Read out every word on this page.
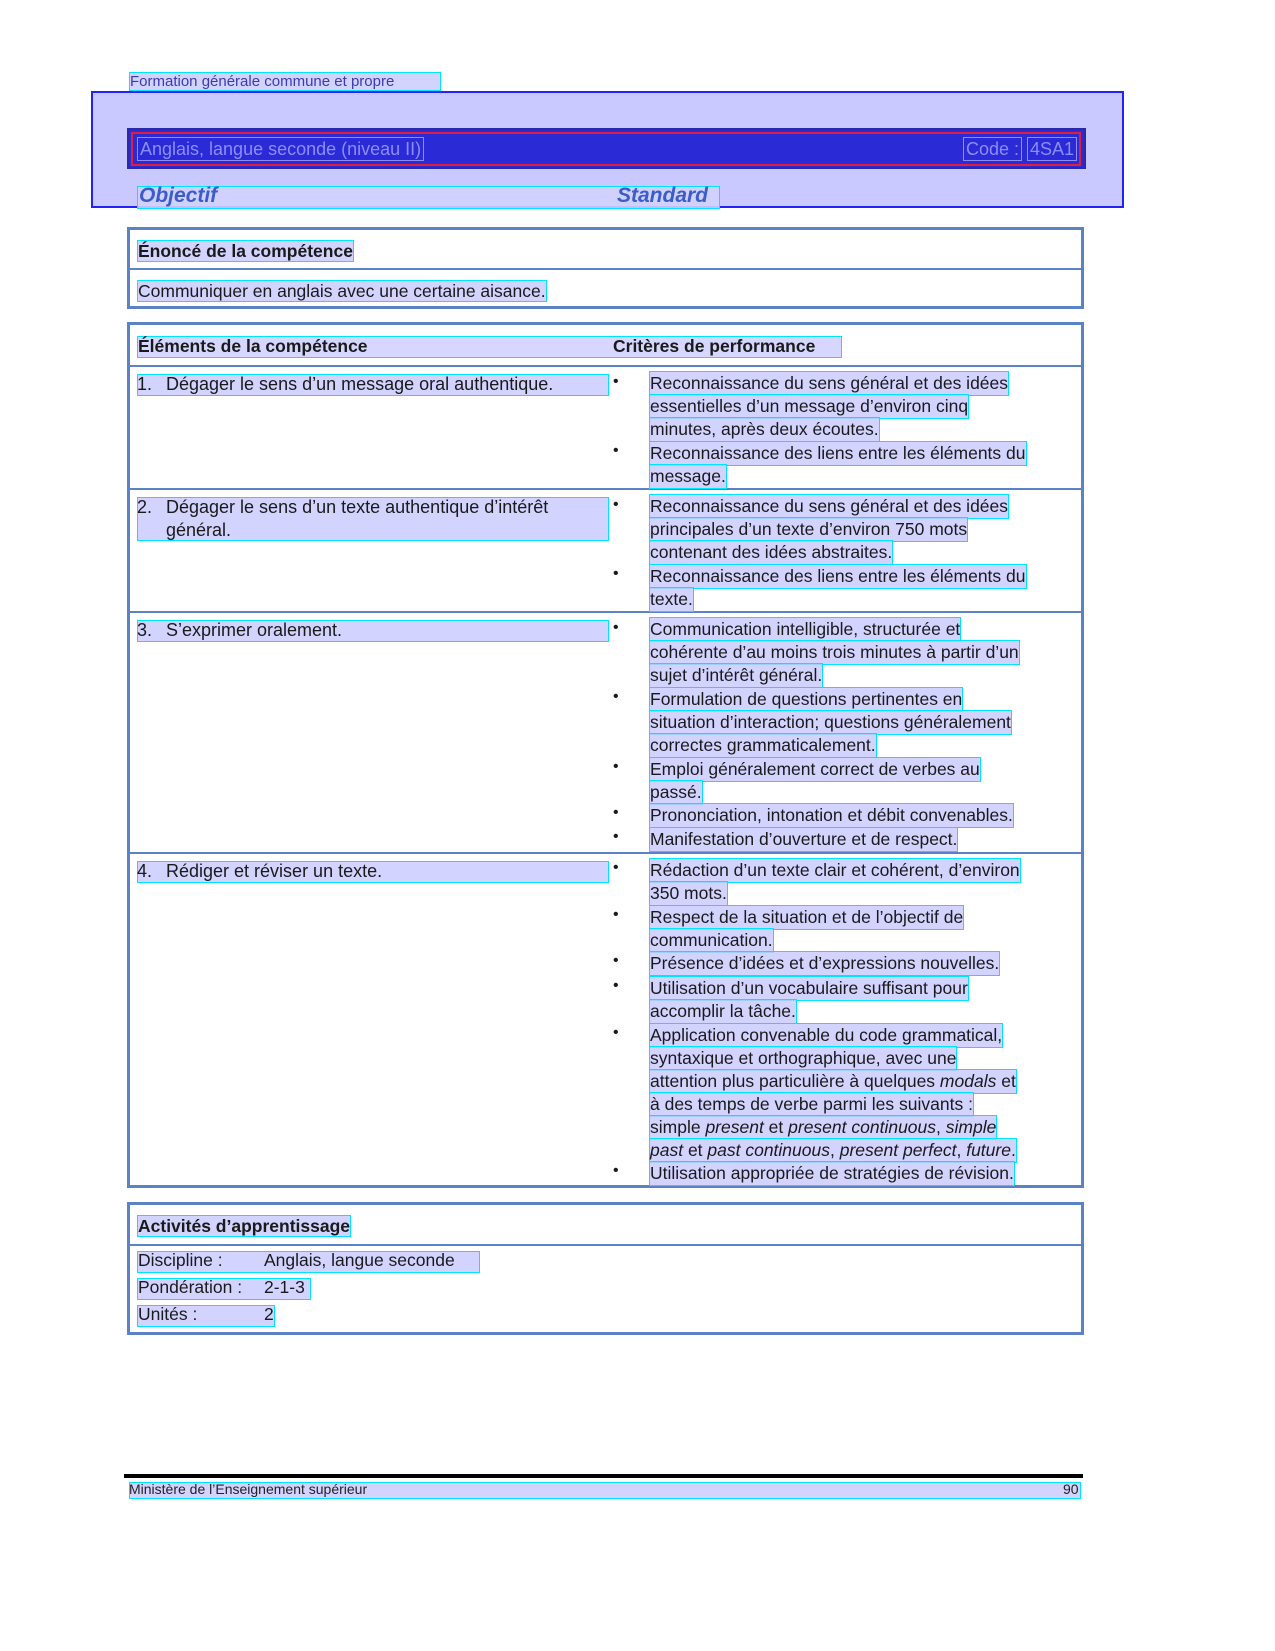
Formation générale commune et propre
Anglais, langue seconde (niveau II)	Code : 4SA1
Objectif	Standard
Énoncé de la compétence
Communiquer en anglais avec une certaine aisance.
Éléments de la compétence	Critères de performance
1. Dégager le sens d’un message oral authentique.	• Reconnaissance du sens général et des idées
essentielles d’un message d’environ cinq
minutes, après deux écoutes.
• Reconnaissance des liens entre les éléments du
message.
2. Dégager le sens d’un texte authentique d’intérêt
général.
• Reconnaissance du sens général et des idées
principales d’un texte d’environ 750 mots
contenant des idées abstraites.
• Reconnaissance des liens entre les éléments du
texte.
3. S’exprimer oralement.	• Communication intelligible, structurée et
cohérente d’au moins trois minutes à partir d’un
sujet d’intérêt général.
• Formulation de questions pertinentes en
situation d’interaction; questions généralement
correctes grammaticalement.
• Emploi généralement correct de verbes au
passé.
• Prononciation, intonation et débit convenables.
• Manifestation d’ouverture et de respect.
4. Rédiger et réviser un texte.	• Rédaction d’un texte clair et cohérent, d’environ
350 mots.
• Respect de la situation et de l’objectif de
communication.
• Présence d’idées et d’expressions nouvelles.
• Utilisation d’un vocabulaire suffisant pour
accomplir la tâche.
• Application convenable du code grammatical,
syntaxique et orthographique, avec une
attention plus particulière à quelques modals et
à des temps de verbe parmi les suivants :
simple present et present continuous, simple
past et past continuous, present perfect, future.
• Utilisation appropriée de stratégies de révision.
Activités d’apprentissage
Discipline : Anglais, langue seconde
Pondération : 2-1-3
Unités :	2
Ministère de l’Enseignement supérieur	90
